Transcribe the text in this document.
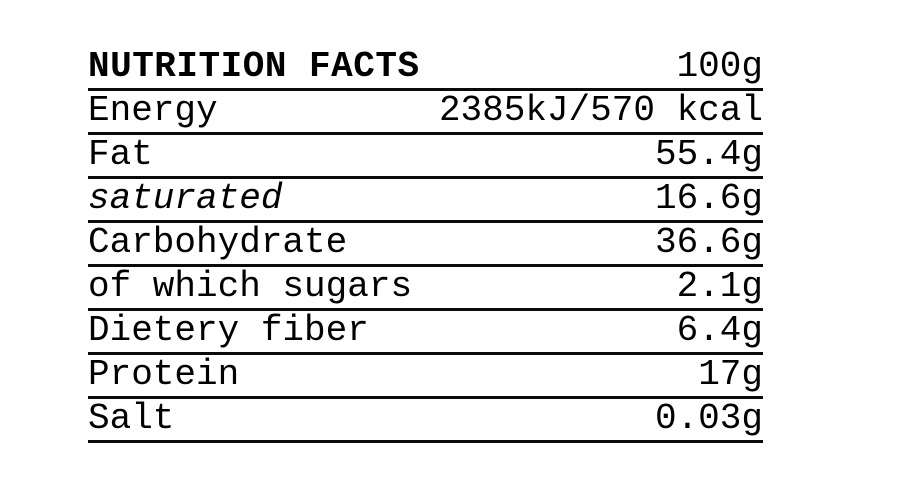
NUTRITION FACTS	100g
Energy	2385kJ/570 kcal
Fat	55.4g
saturated	16.6g
Carbohydrate	36.6g
of which sugars	2.1g
Dietery fiber	6.4g
Protein	17g
Salt	0.03g
